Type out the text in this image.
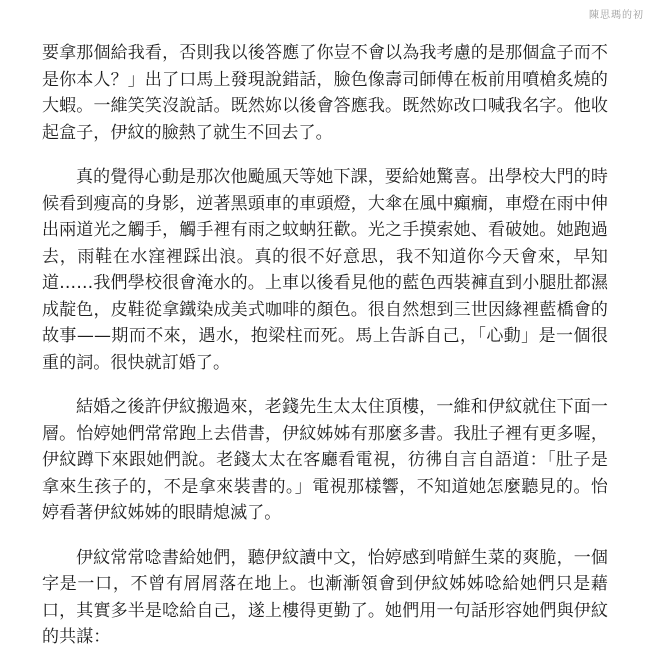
陳思瑪的初

要拿那個給我看，否則我以後答應了你豈不會以為我考慮的是那個盒子而不是你本人？」出了口馬上發現說錯話，臉色像壽司師傅在板前用噴槍炙燒的大蝦。一維笑笑沒說話。既然妳以後會答應我。既然妳改口喊我名字。他收起盒子，伊紋的臉熱了就生不回去了。

真的覺得心動是那次他颱風天等她下課，要給她驚喜。出學校大門的時候看到瘦高的身影，逆著黑頭車的車頭燈，大傘在風中癲癇，車燈在雨中伸出兩道光之觸手，觸手裡有雨之蚊蚋狂歡。光之手摸索她、看破她。她跑過去，雨鞋在水窪裡踩出浪。真的很不好意思，我不知道你今天會來，早知道……我們學校很會淹水的。上車以後看見他的藍色西裝褲直到小腿肚都濕成靛色，皮鞋從拿鐵染成美式咖啡的顏色。很自然想到三世因緣裡藍橋會的故事——期而不來，遇水，抱梁柱而死。馬上告訴自己，「心動」是一個很重的詞。很快就訂婚了。

結婚之後許伊紋搬過來，老錢先生太太住頂樓，一維和伊紋就住下面一層。怡婷她們常常跑上去借書，伊紋姊姊有那麼多書。我肚子裡有更多喔，伊紋蹲下來跟她們說。老錢太太在客廳看電視，彷彿自言自語道：「肚子是拿來生孩子的，不是拿來裝書的。」電視那樣響，不知道她怎麼聽見的。怡婷看著伊紋姊姊的眼睛熄滅了。

伊紋常常唸書給她們，聽伊紋讀中文，怡婷感到啃鮮生菜的爽脆，一個字是一口，不曾有屑屑落在地上。也漸漸領會到伊紋姊姊唸給她們只是藉口，其實多半是唸給自己，遂上樓得更勤了。她們用一句話形容她們與伊紋的共謀：
